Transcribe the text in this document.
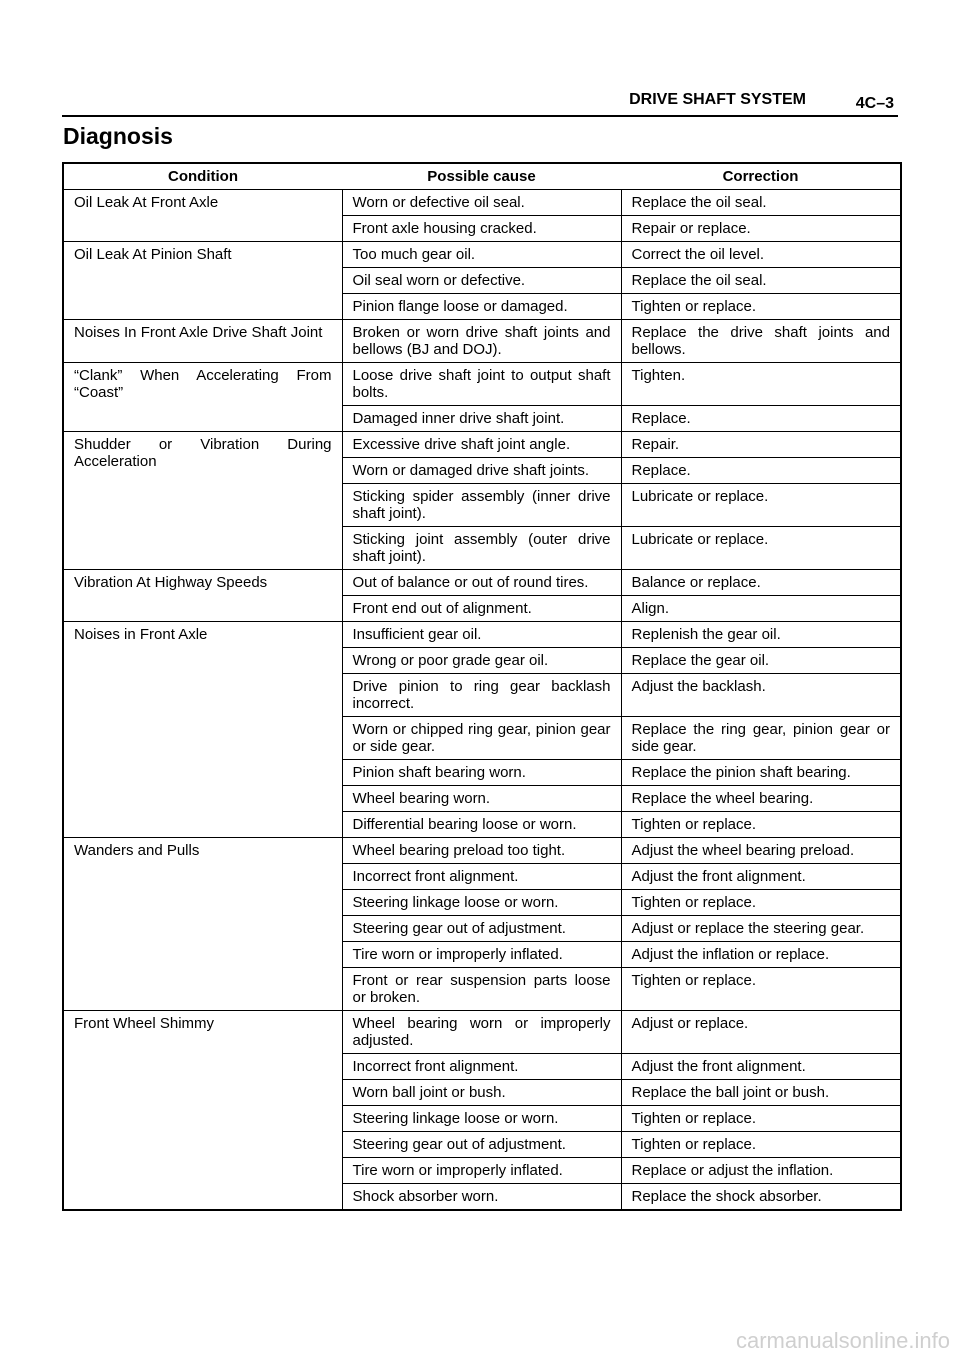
DRIVE SHAFT SYSTEM	4C–3
Diagnosis
Condition	Possible cause	Correction
Oil Leak At Front Axle	Worn or defective oil seal.	Replace the oil seal.
	Front axle housing cracked.	Repair or replace.
Oil Leak At Pinion Shaft	Too much gear oil.	Correct the oil level.
	Oil seal worn or defective.	Replace the oil seal.
	Pinion flange loose or damaged.	Tighten or replace.
Noises In Front Axle Drive Shaft Joint	Broken or worn drive shaft joints and bellows (BJ and DOJ).	Replace the drive shaft joints and bellows.
“Clank” When Accelerating From “Coast”	Loose drive shaft joint to output shaft bolts.	Tighten.
	Damaged inner drive shaft joint.	Replace.
Shudder or Vibration During Acceleration	Excessive drive shaft joint angle.	Repair.
	Worn or damaged drive shaft joints.	Replace.
	Sticking spider assembly (inner drive shaft joint).	Lubricate or replace.
	Sticking joint assembly (outer drive shaft joint).	Lubricate or replace.
Vibration At Highway Speeds	Out of balance or out of round tires.	Balance or replace.
	Front end out of alignment.	Align.
Noises in Front Axle	Insufficient gear oil.	Replenish the gear oil.
	Wrong or poor grade gear oil.	Replace the gear oil.
	Drive pinion to ring gear backlash incorrect.	Adjust the backlash.
	Worn or chipped ring gear, pinion gear or side gear.	Replace the ring gear, pinion gear or side gear.
	Pinion shaft bearing worn.	Replace the pinion shaft bearing.
	Wheel bearing worn.	Replace the wheel bearing.
	Differential bearing loose or worn.	Tighten or replace.
Wanders and Pulls	Wheel bearing preload too tight.	Adjust the wheel bearing preload.
	Incorrect front alignment.	Adjust the front alignment.
	Steering linkage loose or worn.	Tighten or replace.
	Steering gear out of adjustment.	Adjust or replace the steering gear.
	Tire worn or improperly inflated.	Adjust the inflation or replace.
	Front or rear suspension parts loose or broken.	Tighten or replace.
Front Wheel Shimmy	Wheel bearing worn or improperly adjusted.	Adjust or replace.
	Incorrect front alignment.	Adjust the front alignment.
	Worn ball joint or bush.	Replace the ball joint or bush.
	Steering linkage loose or worn.	Tighten or replace.
	Steering gear out of adjustment.	Tighten or replace.
	Tire worn or improperly inflated.	Replace or adjust the inflation.
	Shock absorber worn.	Replace the shock absorber.
carmanualsonline.info
